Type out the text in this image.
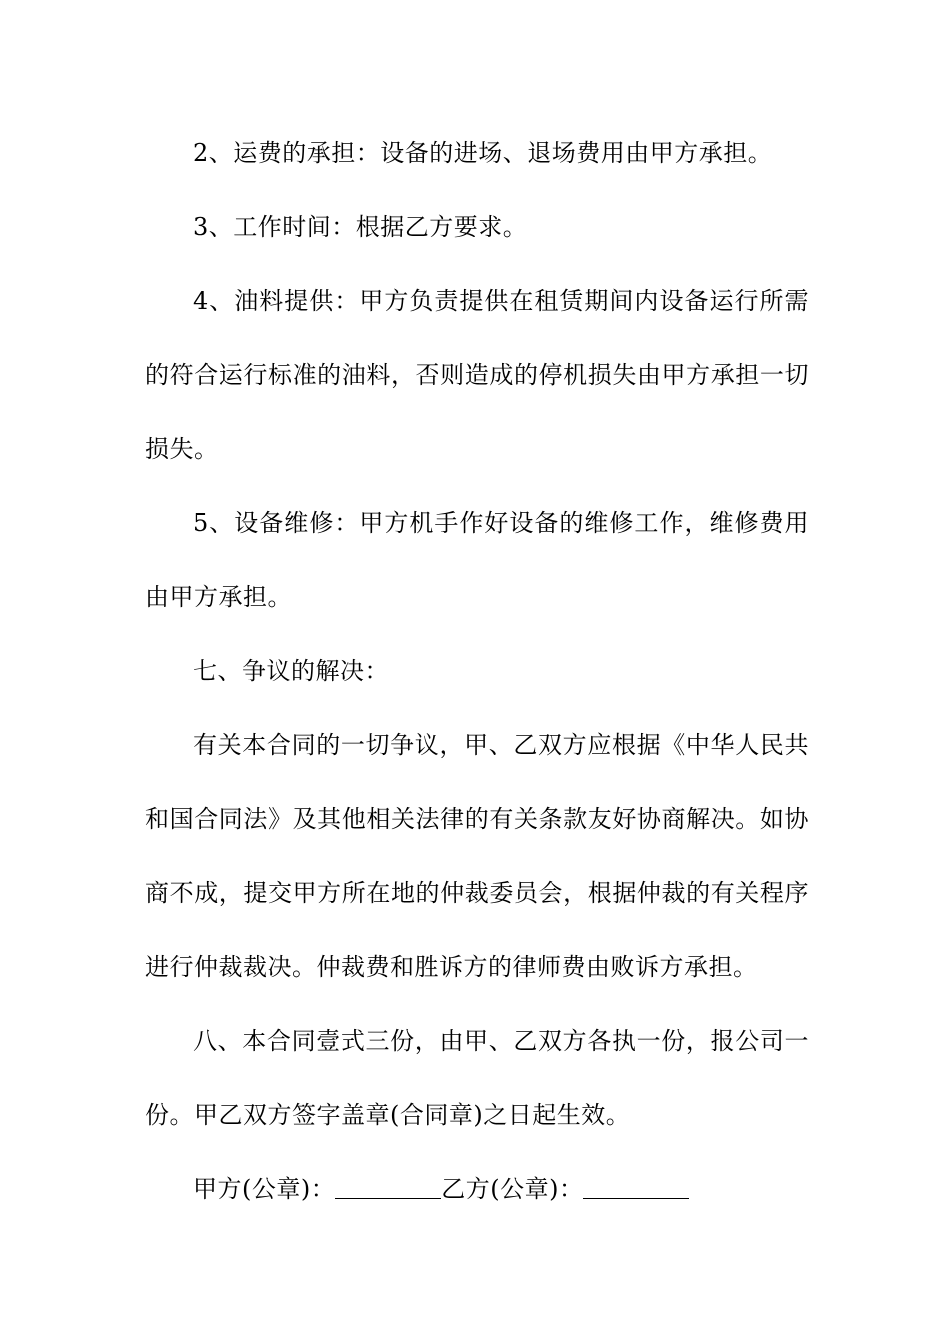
2、运费的承担：设备的进场、退场费用由甲方承担。

3、工作时间：根据乙方要求。

4、油料提供：甲方负责提供在租赁期间内设备运行所需的符合运行标准的油料，否则造成的停机损失由甲方承担一切损失。

5、设备维修：甲方机手作好设备的维修工作，维修费用由甲方承担。

七、争议的解决：

有关本合同的一切争议，甲、乙双方应根据《中华人民共和国合同法》及其他相关法律的有关条款友好协商解决。如协商不成，提交甲方所在地的仲裁委员会，根据仲裁的有关程序进行仲裁裁决。仲裁费和胜诉方的律师费由败诉方承担。

八、本合同壹式三份，由甲、乙双方各执一份，报公司一份。甲乙双方签字盖章(合同章)之日起生效。

甲方(公章)：	乙方(公章)：
